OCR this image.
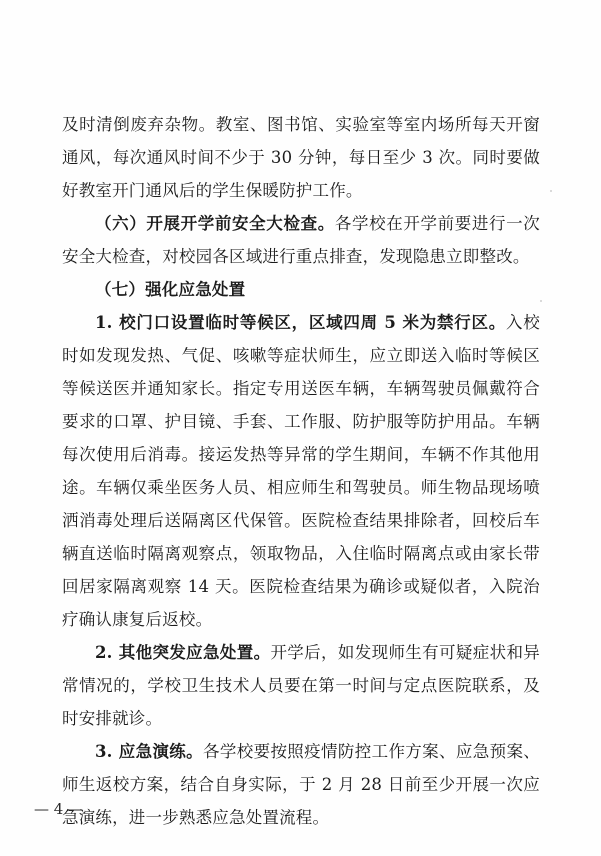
及时清倒废弃杂物。教室、图书馆、实验室等室内场所每天开窗通风，每次通风时间不少于 30 分钟，每日至少 3 次。同时要做好教室开门通风后的学生保暖防护工作。

（六）开展开学前安全大检查。各学校在开学前要进行一次安全大检查，对校园各区域进行重点排查，发现隐患立即整改。

（七）强化应急处置

1. 校门口设置临时等候区，区域四周 5 米为禁行区。入校时如发现发热、气促、咳嗽等症状师生，应立即送入临时等候区等候送医并通知家长。指定专用送医车辆，车辆驾驶员佩戴符合要求的口罩、护目镜、手套、工作服、防护服等防护用品。车辆每次使用后消毒。接运发热等异常的学生期间，车辆不作其他用途。车辆仅乘坐医务人员、相应师生和驾驶员。师生物品现场喷洒消毒处理后送隔离区代保管。医院检查结果排除者，回校后车辆直送临时隔离观察点，领取物品，入住临时隔离点或由家长带回居家隔离观察 14 天。医院检查结果为确诊或疑似者，入院治疗确认康复后返校。

2. 其他突发应急处置。开学后，如发现师生有可疑症状和异常情况的，学校卫生技术人员要在第一时间与定点医院联系，及时安排就诊。

3. 应急演练。各学校要按照疫情防控工作方案、应急预案、师生返校方案，结合自身实际，于 2 月 28 日前至少开展一次应急演练，进一步熟悉应急处置流程。

— 4 —
